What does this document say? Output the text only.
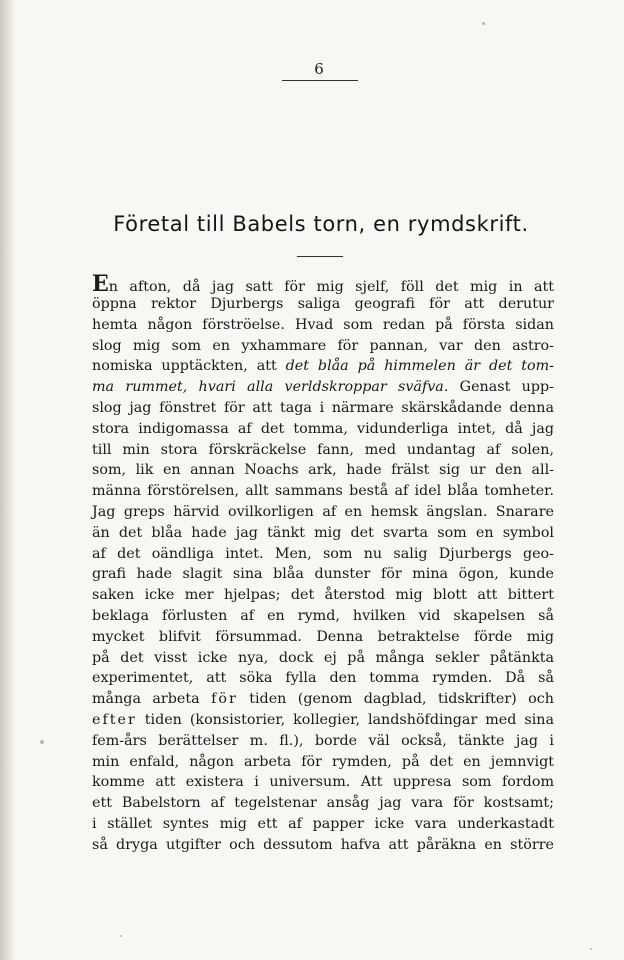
6
Företal till Babels torn, en rymdskrift.
En afton, då jag satt för mig sjelf, föll det mig in att
öppna rektor Djurbergs saliga geografi för att derutur
hemta någon förströelse. Hvad som redan på första sidan
slog mig som en yxhammare för pannan, var den astro-
nomiska upptäckten, att det blåa på himmelen är det tom-
ma rummet, hvari alla verldskroppar sväfva. Genast upp-
slog jag fönstret för att taga i närmare skärskådande denna
stora indigomassa af det tomma, vidunderliga intet, då jag
till min stora förskräckelse fann, med undantag af solen,
som, lik en annan Noachs ark, hade frälst sig ur den all-
männa förstörelsen, allt sammans bestå af idel blåa tomheter.
Jag greps härvid ovilkorligen af en hemsk ängslan. Snarare
än det blåa hade jag tänkt mig det svarta som en symbol
af det oändliga intet. Men, som nu salig Djurbergs geo-
grafi hade slagit sina blåa dunster för mina ögon, kunde
saken icke mer hjelpas; det återstod mig blott att bittert
beklaga förlusten af en rymd, hvilken vid skapelsen så
mycket blifvit försummad. Denna betraktelse förde mig
på det visst icke nya, dock ej på många sekler påtänkta
experimentet, att söka fylla den tomma rymden. Då så
många arbeta för tiden (genom dagblad, tidskrifter) och
efter tiden (konsistorier, kollegier, landshöfdingar med sina
fem-års berättelser m. fl.), borde väl också, tänkte jag i
min enfald, någon arbeta för rymden, på det en jemnvigt
komme att existera i universum. Att uppresa som fordom
ett Babelstorn af tegelstenar ansåg jag vara för kostsamt;
i stället syntes mig ett af papper icke vara underkastadt
så dryga utgifter och dessutom hafva att påräkna en större
